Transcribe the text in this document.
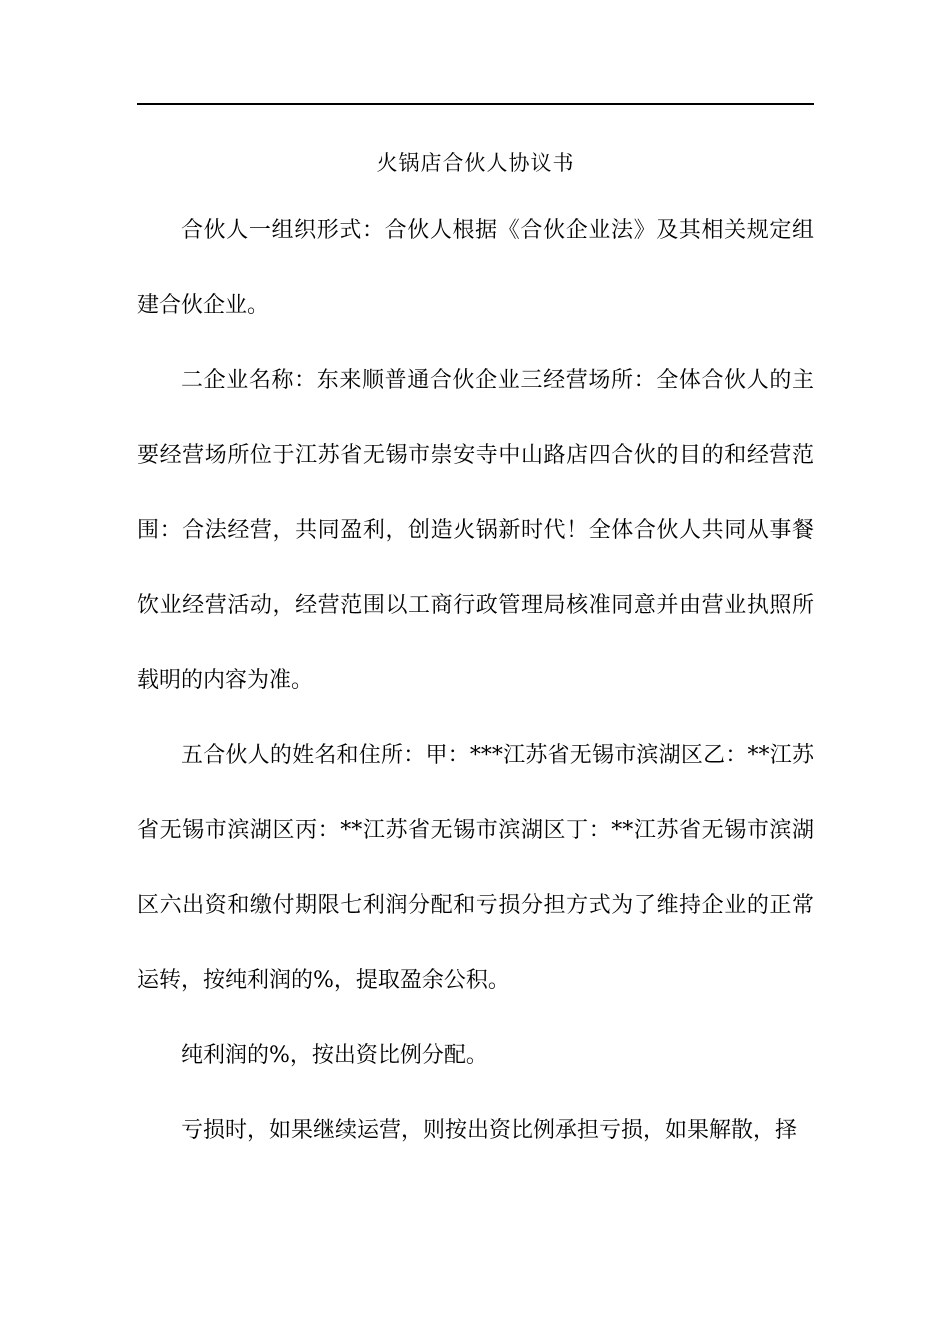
火锅店合伙人协议书

合伙人一组织形式：合伙人根据《合伙企业法》及其相关规定组建合伙企业。

二企业名称：东来顺普通合伙企业三经营场所：全体合伙人的主要经营场所位于江苏省无锡市崇安寺中山路店四合伙的目的和经营范围：合法经营，共同盈利，创造火锅新时代！全体合伙人共同从事餐饮业经营活动，经营范围以工商行政管理局核准同意并由营业执照所载明的内容为准。

五合伙人的姓名和住所：甲：***江苏省无锡市滨湖区乙：**江苏省无锡市滨湖区丙：**江苏省无锡市滨湖区丁：**江苏省无锡市滨湖区六出资和缴付期限七利润分配和亏损分担方式为了维持企业的正常运转，按纯利润的%，提取盈余公积。

纯利润的%，按出资比例分配。

亏损时，如果继续运营，则按出资比例承担亏损，如果解散，择
